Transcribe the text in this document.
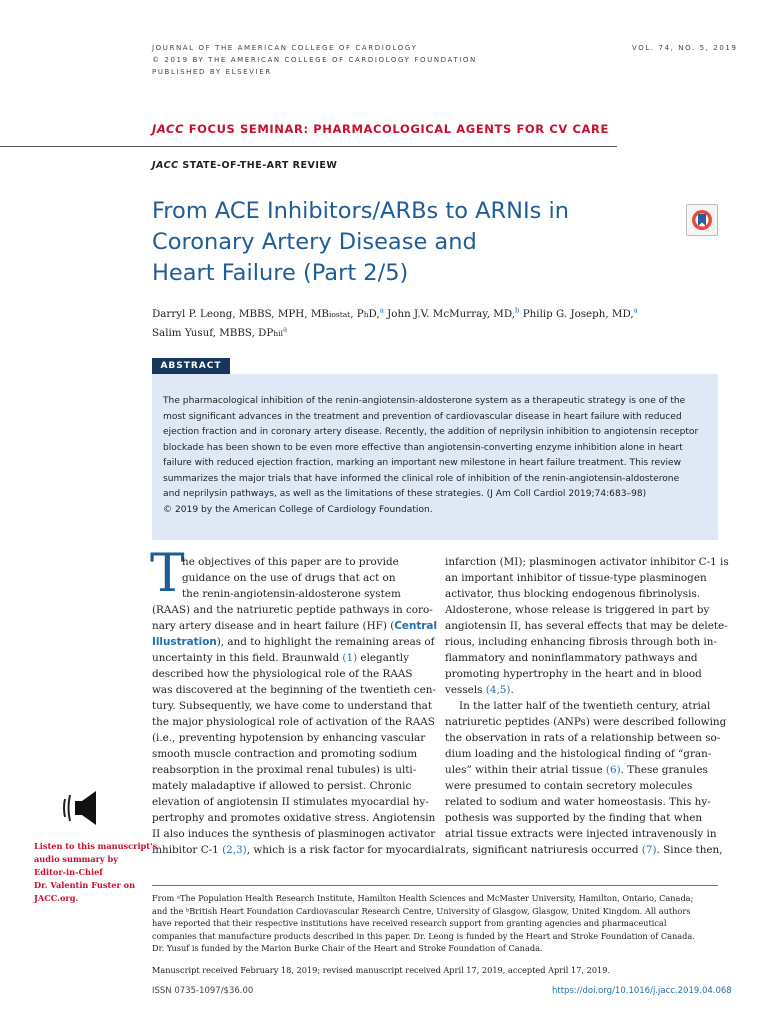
JOURNAL OF THE AMERICAN COLLEGE OF CARDIOLOGY
© 2019 BY THE AMERICAN COLLEGE OF CARDIOLOGY FOUNDATION
PUBLISHED BY ELSEVIER
VOL. 74, NO. 5, 2019
JACC FOCUS SEMINAR: PHARMACOLOGICAL AGENTS FOR CV CARE
JACC STATE-OF-THE-ART REVIEW
From ACE Inhibitors/ARBs to ARNIs in
Coronary Artery Disease and
Heart Failure (Part 2/5)
Darryl P. Leong, MBBS, MPH, MBiostat, PhD,$^a$ John J.V. McMurray, MD,$^b$ Philip G. Joseph, MD,$^a$
Salim Yusuf, MBBS, DPhil$^a$
ABSTRACT
The pharmacological inhibition of the renin-angiotensin-aldosterone system as a therapeutic strategy is one of the
most significant advances in the treatment and prevention of cardiovascular disease in heart failure with reduced
ejection fraction and in coronary artery disease. Recently, the addition of neprilysin inhibition to angiotensin receptor
blockade has been shown to be even more effective than angiotensin-converting enzyme inhibition alone in heart
failure with reduced ejection fraction, marking an important new milestone in heart failure treatment. This review
summarizes the major trials that have informed the clinical role of inhibition of the renin-angiotensin-aldosterone
and neprilysin pathways, as well as the limitations of these strategies. (J Am Coll Cardiol 2019;74:683–98)
© 2019 by the American College of Cardiology Foundation.
T
he objectives of this paper are to provide
guidance on the use of drugs that act on
the renin-angiotensin-aldosterone system
(RAAS) and the natriuretic peptide pathways in coro-
nary artery disease and in heart failure (HF) (Central
Illustration), and to highlight the remaining areas of
uncertainty in this field. Braunwald (1) elegantly
described how the physiological role of the RAAS
was discovered at the beginning of the twentieth cen-
tury. Subsequently, we have come to understand that
the major physiological role of activation of the RAAS
(i.e., preventing hypotension by enhancing vascular
smooth muscle contraction and promoting sodium
reabsorption in the proximal renal tubules) is ulti-
mately maladaptive if allowed to persist. Chronic
elevation of angiotensin II stimulates myocardial hy-
pertrophy and promotes oxidative stress. Angiotensin
II also induces the synthesis of plasminogen activator
inhibitor C-1 (2,3), which is a risk factor for myocardial
infarction (MI); plasminogen activator inhibitor C-1 is
an important inhibitor of tissue-type plasminogen
activator, thus blocking endogenous fibrinolysis.
Aldosterone, whose release is triggered in part by
angiotensin II, has several effects that may be delete-
rious, including enhancing fibrosis through both in-
flammatory and noninflammatory pathways and
promoting hypertrophy in the heart and in blood
vessels (4,5).
In the latter half of the twentieth century, atrial
natriuretic peptides (ANPs) were described following
the observation in rats of a relationship between so-
dium loading and the histological finding of “gran-
ules” within their atrial tissue (6). These granules
were presumed to contain secretory molecules
related to sodium and water homeostasis. This hy-
pothesis was supported by the finding that when
atrial tissue extracts were injected intravenously in
rats, significant natriuresis occurred (7). Since then,
Listen to this manuscript's
audio summary by
Editor-in-Chief
Dr. Valentin Fuster on
JACC.org.	From ᵃThe Population Health Research Institute, Hamilton Health Sciences and McMaster University, Hamilton, Ontario, Canada;
and the ᵇBritish Heart Foundation Cardiovascular Research Centre, University of Glasgow, Glasgow, United Kingdom. All authors
have reported that their respective institutions have received research support from granting agencies and pharmaceutical
companies that manufacture products described in this paper. Dr. Leong is funded by the Heart and Stroke Foundation of Canada.
Dr. Yusuf is funded by the Marion Burke Chair of the Heart and Stroke Foundation of Canada.
Manuscript received February 18, 2019; revised manuscript received April 17, 2019, accepted April 17, 2019.
ISSN 0735-1097/$36.00	https://doi.org/10.1016/j.jacc.2019.04.068
